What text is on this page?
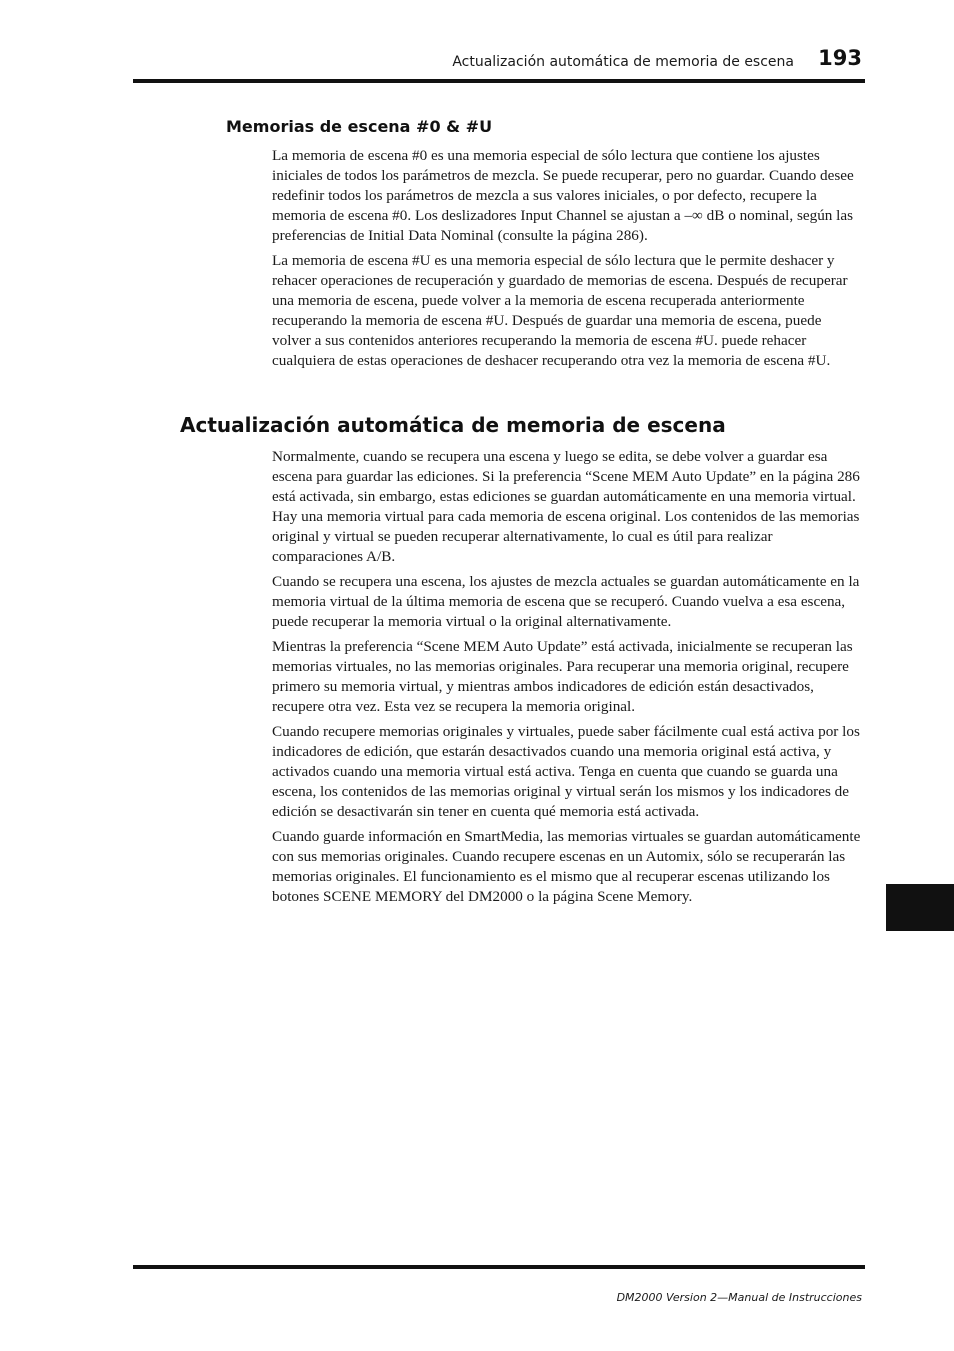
Actualización automática de memoria de escena 193
Memorias de escena #0 & #U

La memoria de escena #0 es una memoria especial de sólo lectura que contiene los ajustes iniciales de todos los parámetros de mezcla. Se puede recuperar, pero no guardar. Cuando desee redefinir todos los parámetros de mezcla a sus valores iniciales, o por defecto, recupere la memoria de escena #0. Los deslizadores Input Channel se ajustan a –∞ dB o nominal, según las preferencias de Initial Data Nominal (consulte la página 286).

La memoria de escena #U es una memoria especial de sólo lectura que le permite deshacer y rehacer operaciones de recuperación y guardado de memorias de escena. Después de recuperar una memoria de escena, puede volver a la memoria de escena recuperada anteriormente recuperando la memoria de escena #U. Después de guardar una memoria de escena, puede volver a sus contenidos anteriores recuperando la memoria de escena #U. puede rehacer cualquiera de estas operaciones de deshacer recuperando otra vez la memoria de escena #U.

Actualización automática de memoria de escena

Normalmente, cuando se recupera una escena y luego se edita, se debe volver a guardar esa escena para guardar las ediciones. Si la preferencia “Scene MEM Auto Update” en la página 286 está activada, sin embargo, estas ediciones se guardan automáticamente en una memoria virtual. Hay una memoria virtual para cada memoria de escena original. Los contenidos de las memorias original y virtual se pueden recuperar alternativamente, lo cual es útil para realizar comparaciones A/B.

Cuando se recupera una escena, los ajustes de mezcla actuales se guardan automáticamente en la memoria virtual de la última memoria de escena que se recuperó. Cuando vuelva a esa escena, puede recuperar la memoria virtual o la original alternativamente.

Mientras la preferencia “Scene MEM Auto Update” está activada, inicialmente se recuperan las memorias virtuales, no las memorias originales. Para recuperar una memoria original, recupere primero su memoria virtual, y mientras ambos indicadores de edición están desactivados, recupere otra vez. Esta vez se recupera la memoria original.

Cuando recupere memorias originales y virtuales, puede saber fácilmente cual está activa por los indicadores de edición, que estarán desactivados cuando una memoria original está activa, y activados cuando una memoria virtual está activa. Tenga en cuenta que cuando se guarda una escena, los contenidos de las memorias original y virtual serán los mismos y los indicadores de edición se desactivarán sin tener en cuenta qué memoria está activada.

Cuando guarde información en SmartMedia, las memorias virtuales se guardan automáticamente con sus memorias originales. Cuando recupere escenas en un Automix, sólo se recuperarán las memorias originales. El funcionamiento es el mismo que al recuperar escenas utilizando los botones SCENE MEMORY del DM2000 o la página Scene Memory.

DM2000 Version 2—Manual de Instrucciones
